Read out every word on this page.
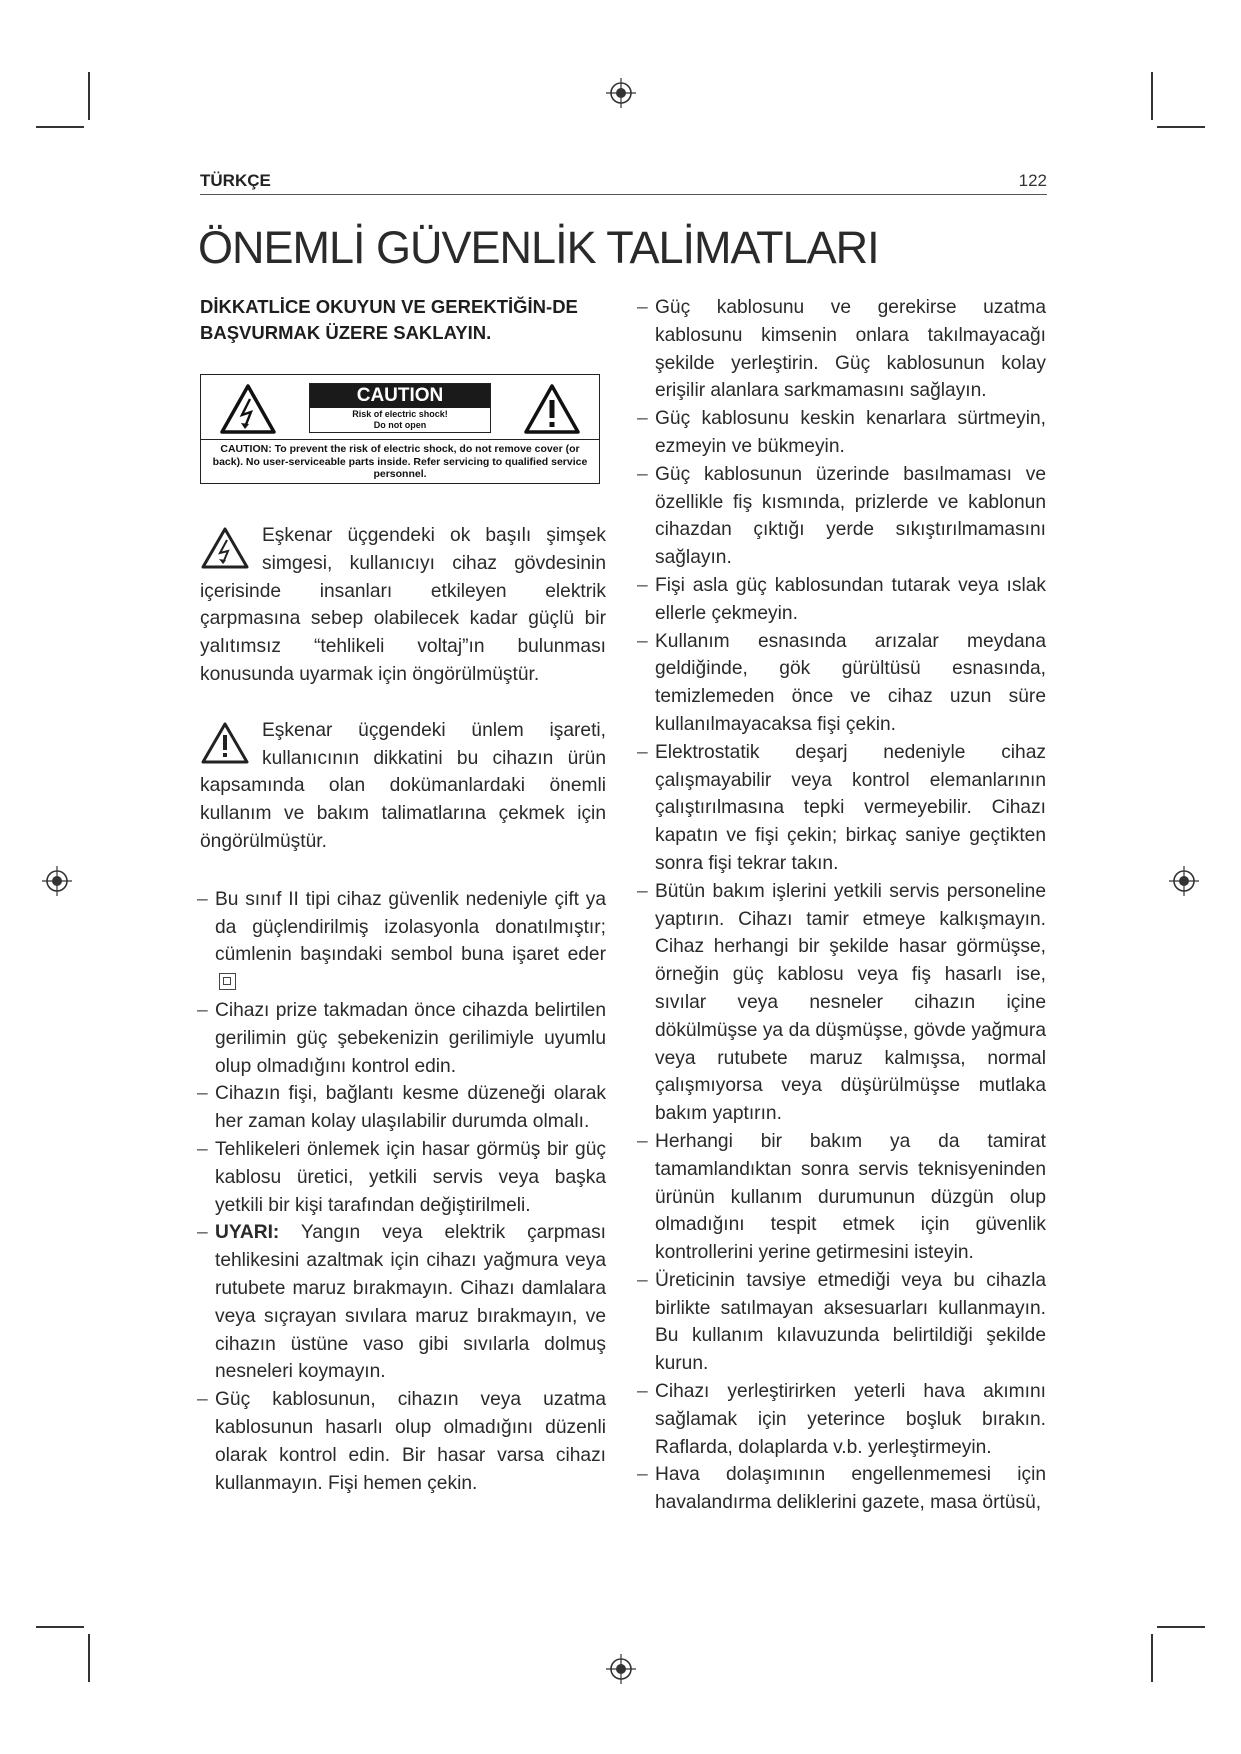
TÜRKÇE	122
ÖNEMLİ GÜVENLİK TALİMATLARI

DİKKATLİCE OKUYUN VE GEREKTİĞİN-DE BAŞVURMAK ÜZERE SAKLAYIN.

CAUTION
Risk of electric shock!
Do not open
CAUTION: To prevent the risk of electric shock, do not remove cover (or back). No user-serviceable parts inside. Refer servicing to qualified service personnel.

Eşkenar üçgendeki ok başılı şimşek simgesi, kullanıcıyı cihaz gövdesinin içerisinde insanları etkileyen elektrik çarpmasına sebep olabilecek kadar güçlü bir yalıtımsız “tehlikeli voltaj”ın bulunması konusunda uyarmak için öngörülmüştür.

Eşkenar üçgendeki ünlem işareti, kullanıcının dikkatini bu cihazın ürün kapsamında olan dokümanlardaki önemli kullanım ve bakım talimatlarına çekmek için öngörülmüştür.

– Bu sınıf II tipi cihaz güvenlik nedeniyle çift ya da güçlendirilmiş izolasyonla donatılmıştır; cümlenin başındaki sembol buna işaret eder
– Cihazı prize takmadan önce cihazda belirtilen gerilimin güç şebekenizin gerilimiyle uyumlu olup olmadığını kontrol edin.
– Cihazın fişi, bağlantı kesme düzeneği olarak her zaman kolay ulaşılabilir durumda olmalı.
– Tehlikeleri önlemek için hasar görmüş bir güç kablosu üretici, yetkili servis veya başka yetkili bir kişi tarafından değiştirilmeli.
– UYARI: Yangın veya elektrik çarpması tehlikesini azaltmak için cihazı yağmura veya rutubete maruz bırakmayın. Cihazı damlalara veya sıçrayan sıvılara maruz bırakmayın, ve cihazın üstüne vaso gibi sıvılarla dolmuş nesneleri koymayın.
– Güç kablosunun, cihazın veya uzatma kablosunun hasarlı olup olmadığını düzenli olarak kontrol edin. Bir hasar varsa cihazı kullanmayın. Fişi hemen çekin.
– Güç kablosunu ve gerekirse uzatma kablosunu kimsenin onlara takılmayacağı şekilde yerleştirin. Güç kablosunun kolay erişilir alanlara sarkmamasını sağlayın.
– Güç kablosunu keskin kenarlara sürtmeyin, ezmeyin ve bükmeyin.
– Güç kablosunun üzerinde basılmaması ve özellikle fiş kısmında, prizlerde ve kablonun cihazdan çıktığı yerde sıkıştırılmamasını sağlayın.
– Fişi asla güç kablosundan tutarak veya ıslak ellerle çekmeyin.
– Kullanım esnasında arızalar meydana geldiğinde, gök gürültüsü esnasında, temizlemeden önce ve cihaz uzun süre kullanılmayacaksa fişi çekin.
– Elektrostatik deşarj nedeniyle cihaz çalışmayabilir veya kontrol elemanlarının çalıştırılmasına tepki vermeyebilir. Cihazı kapatın ve fişi çekin; birkaç saniye geçtikten sonra fişi tekrar takın.
– Bütün bakım işlerini yetkili servis personeline yaptırın. Cihazı tamir etmeye kalkışmayın. Cihaz herhangi bir şekilde hasar görmüşse, örneğin güç kablosu veya fiş hasarlı ise, sıvılar veya nesneler cihazın içine dökülmüşse ya da düşmüşse, gövde yağmura veya rutubete maruz kalmışsa, normal çalışmıyorsa veya düşürülmüşse mutlaka bakım yaptırın.
– Herhangi bir bakım ya da tamirat tamamlandıktan sonra servis teknisyeninden ürünün kullanım durumunun düzgün olup olmadığını tespit etmek için güvenlik kontrollerini yerine getirmesini isteyin.
– Üreticinin tavsiye etmediği veya bu cihazla birlikte satılmayan aksesuarları kullanmayın. Bu kullanım kılavuzunda belirtildiği şekilde kurun.
– Cihazı yerleştirirken yeterli hava akımını sağlamak için yeterince boşluk bırakın. Raflarda, dolaplarda v.b. yerleştirmeyin.
– Hava dolaşımının engellenmemesi için havalandırma deliklerini gazete, masa örtüsü,
